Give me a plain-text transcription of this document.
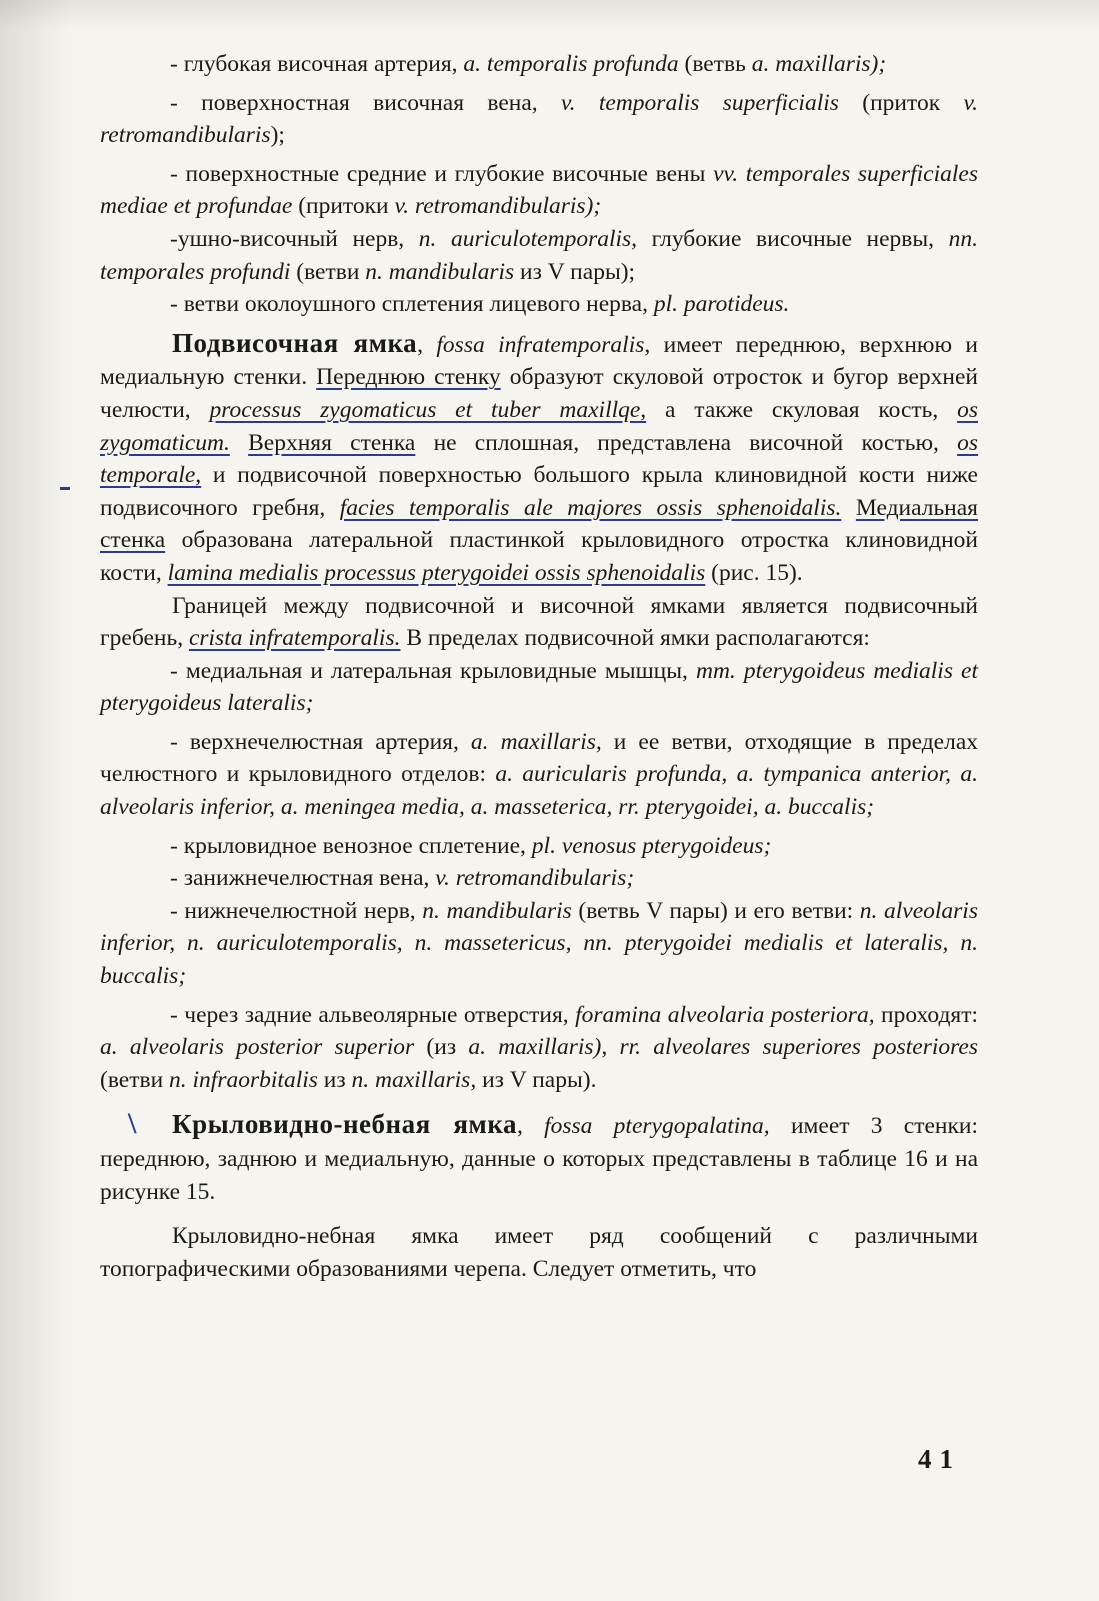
- глубокая височная артерия, a. temporalis profunda (ветвь a. maxillaris);

- поверхностная височная вена, v. temporalis superficialis (приток v. retromandibularis);

- поверхностные средние и глубокие височные вены vv. temporales superficiales mediae et profundae (притоки v. retromandibularis);

-ушно-височный нерв, n. auriculotemporalis, глубокие височные нервы, nn. temporales profundi (ветви n. mandibularis из V пары);

- ветви околоушного сплетения лицевого нерва, pl. parotideus.

Подвисочная ямка, fossa infratemporalis, имеет переднюю, верхнюю и медиальную стенки. Переднюю стенку образуют скуловой отросток и бугор верхней челюсти, processus zygomaticus et tuber maxillqe, а также скуловая кость, os zygomaticum. Верхняя стенка не сплошная, представлена височной костью, os temporale, и подвисочной поверхностью большого крыла клиновидной кости ниже подвисочного гребня, facies temporalis ale majores ossis sphenoidalis. Медиальная стенка образована латеральной пластинкой крыловидного отростка клиновидной кости, lamina medialis processus pterygoidei ossis sphenoidalis (рис. 15).

Границей между подвисочной и височной ямками является подвисочный гребень, crista infratemporalis. В пределах подвисочной ямки располагаются:

- медиальная и латеральная крыловидные мышцы, mm. pterygoideus medialis et pterygoideus lateralis;

- верхнечелюстная артерия, a. maxillaris, и ее ветви, отходящие в пределах челюстного и крыловидного отделов: a. auricularis profunda, a. tympanica anterior, a. alveolaris inferior, a. meningea media, a. masseterica, rr. pterygoidei, a. buccalis;

- крыловидное венозное сплетение, pl. venosus pterygoideus;

- занижнечелюстная вена, v. retromandibularis;

- нижнечелюстной нерв, n. mandibularis (ветвь V пары) и его ветви: n. alveolaris inferior, n. auriculotemporalis, n. massetericus, nn. pterygoidei medialis et lateralis, n. buccalis;

- через задние альвеолярные отверстия, foramina alveolaria posteriora, проходят: a. alveolaris posterior superior (из a. maxillaris), rr. alveolares superiores posteriores (ветви n. infraorbitalis из n. maxillaris, из V пары).

\ Крыловидно-небная ямка, fossa pterygopalatina, имеет 3 стенки: переднюю, заднюю и медиальную, данные о которых представлены в таблице 16 и на рисунке 15.

Крыловидно-небная ямка имеет ряд сообщений с различными топографическими образованиями черепа. Следует отметить, что

41
